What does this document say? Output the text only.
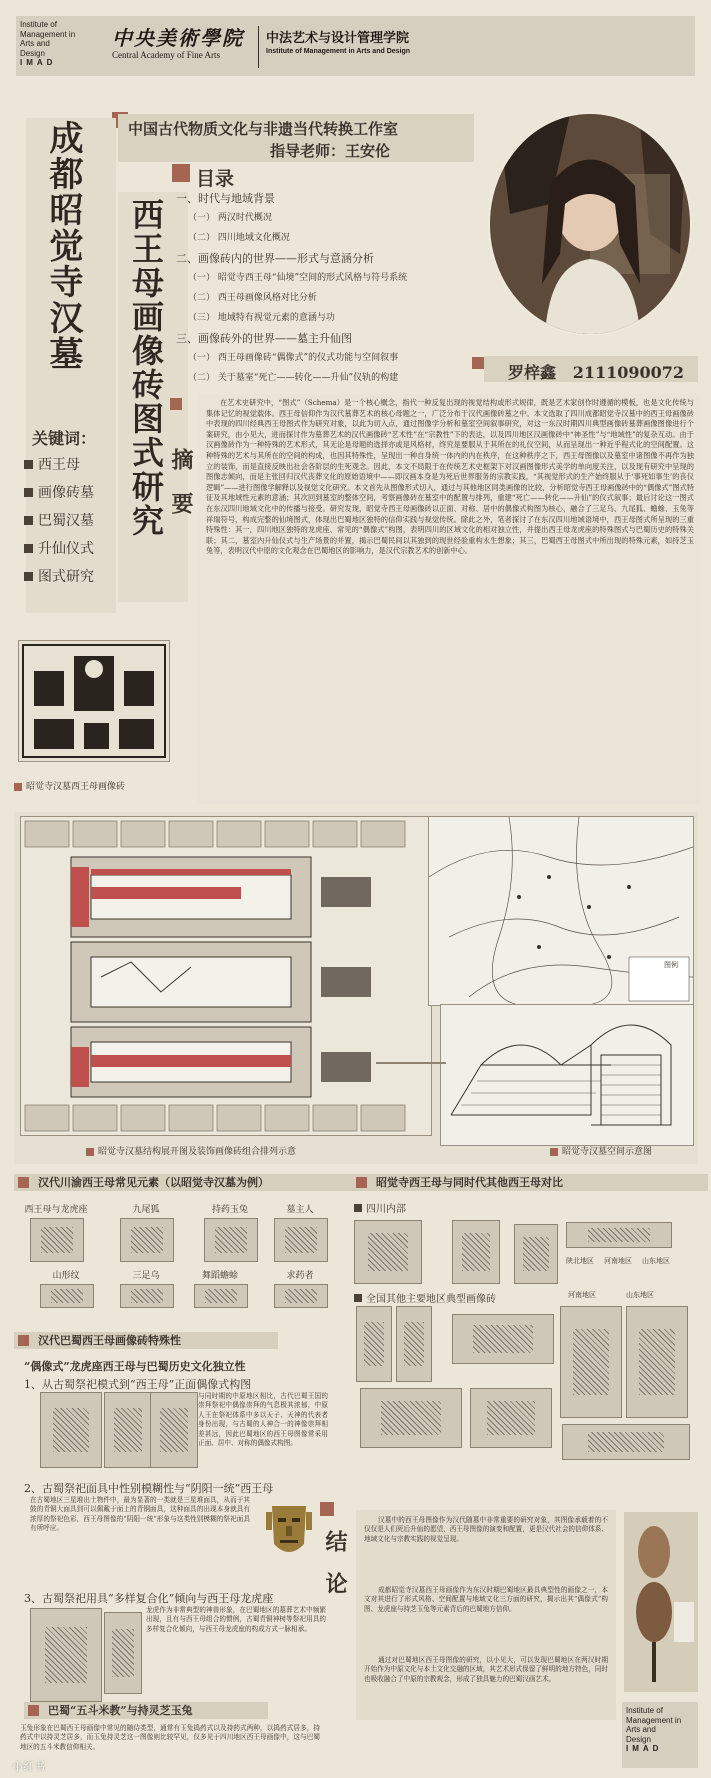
Institute of
Management in
Arts and
Design
IMAD
中央美術學院
Central Academy of Fine Arts
中法艺术与设计管理学院
Institute of Management in Arts and Design
成都昭觉寺汉墓 西王母画像砖图式研究
中国古代物质文化与非遗当代转换工作室
指导老师：王安伦
目录
一、时代与地域背景
（一） 两汉时代概况
（二） 四川地域文化概况
二、画像砖内的世界——形式与意涵分析
（一） 昭觉寺西王母“仙境”空间的形式风格与符号系统
（二） 西王母画像风格对比分析
（三） 地域特有视觉元素的意涵与功
三、画像砖外的世界——墓主升仙图
（一） 西王母画像砖“偶像式”的仪式功能与空间叙事
（二） 关于墓室“死亡——转化——升仙”仪轨的构建	罗梓鑫   2111090072
关键词：
西王母
画像砖墓
巴蜀汉墓
升仙仪式
图式研究
摘要
在艺术史研究中，“图式”（Schema）是一个核心概念，指代一种反复出现的视觉结构或形式规律，既是艺术家创作时遵循的模板，也是文化传统与集体记忆的视觉载体。西王母信仰作为汉代墓葬艺术的核心母题之一，广泛分布于汉代画像砖墓之中。本文选取了四川成都昭觉寺汉墓中的西王母画像砖中表现的四川经典西王母图式作为研究对象，以此为切入点，通过图像学分析和墓室空间叙事研究，对这一东汉时期四川典型画像砖墓葬画像图像进行个案研究，由小见大，进而探讨作为墓葬艺术的汉代画像砖“艺术性”在“宗教性”下的表达，以及四川地区汉画像砖中“神圣性”与“地域性”的复杂互动。由于汉画像砖作为一种特殊的艺术形式，其无论是母题的选择亦或是风格材，终究是要服从于其所在的礼仪空间，从而呈现出一种近乎程式化的空间配置。这种特殊的艺术与其所在的空间的构成，也因其特殊性，呈现出一种自身统一体内的内在秩序，在这种秩序之下，西王母图像以及墓室中诸图像不再作为独立的装饰，而是直接反映出社会各阶层的生死观念。因此，本文不局限于在传统艺术史框架下对汉画图像形式美学的单向度关注，以及现有研究中呈现的图像志倾向，而是主张回归汉代丧葬文化的原始语境中——即汉画本身是为死后世界服务的宗教实践，“其视觉形式的生产始终服从于‘事死如事生’的丧仪逻辑”——进行图像学解释以及视觉文化研究。本文首先从图像形式切入，通过与其他地区同类画像的比较，分析昭觉寺西王母画像砖中的“偶像式”图式特征及其地域性元素的意涵；其次回到墓室的整体空间，考察画像砖在墓室中的配置与排列，重建“死亡——转化——升仙”的仪式叙事；最后讨论这一图式在东汉四川地域文化中的传播与接受。研究发现，昭觉寺西王母画像砖以正面、对称、居中的偶像式构图为核心，融合了三足乌、九尾狐、蟾蜍、玉兔等祥瑞符号，构成完整的仙境图式，体现出巴蜀地区独特的信仰实践与视觉传统。除此之外，笔者探讨了在东汉四川地域语境中，西王母图式所呈现的三重特殊性：其一，四川地区独特的龙虎座、常见的“偶像式”构图，表明四川的区域文化的相对独立性，并提出西王母龙虎座的特殊图式与巴蜀历史的特殊关联；其二，墓室内升仙仪式与生产场景的并置，揭示巴蜀民间以其独到的现世经验重构永生想象；其三，巴蜀西王母图式中所出现的特殊元素，如持芝玉兔等，表明汉代中原的文化观念在巴蜀地区的影响力，是汉代宗教艺术的创新中心。
昭觉寺汉墓西王母画像砖
图例
昭觉寺汉墓结构展开图及装饰画像砖组合排列示意	昭觉寺汉墓空间示意图
汉代川渝西王母常见元素（以昭觉寺汉墓为例）
西王母与龙虎座	九尾狐	持药玉兔	墓主人
山形纹	三足乌	舞蹈蟾蜍	求药者
昭觉寺西王母与同时代其他西王母对比
四川内部
陕北地区 河南地区 山东地区
全国其他主要地区典型画像砖	河南地区	山东地区
汉代巴蜀西王母画像砖特殊性
“偶像式”龙虎座西王母与巴蜀历史文化独立性
1、从古蜀祭祀模式到“西王母”正面偶像式构图
与同时期的中原地区相比，古代巴蜀王国的崇拜祭祀中偶像崇拜的气息极其浓郁，中原人王在祭祀体系中多以天子、天神的代表者身份出现，与古蜀的人神合一的神像崇拜相差甚远，因此巴蜀地区的西王母图像常采用正面、居中、对称的偶像式构图。
2、古蜀祭祀面具中性别模糊性与“阴阳一统”西王母
在古蜀地区三星堆出土物件中，最为显著的一类就是三星堆面具，从而于其鼓的青铜大面具到可以佩戴于面上的青铜面具，这种面具的出现本身就具有浓厚的祭祀色彩，西王母图像的“阴阳一统”形象与这类性别模糊的祭祀面具有所呼应。
3、古蜀祭祀用具“多样复合化”倾向与西王母龙虎座
龙虎作为非常典型的神兽形象，在巴蜀地区的墓葬艺术中频繁出现，且有与西王母组合的惯例，古蜀青铜神树等祭祀用具的多样复合化倾向，与西王母龙虎座的构成方式一脉相承。
巴蜀“五斗米教”与持灵芝玉兔
玉兔形象在巴蜀西王母画像中常见的随侍类型，通常有玉兔捣药式以及持药式两种，以捣药式居多，持药式中以持灵芝居多，而玉兔持灵芝这一图像则比较罕见，仅多见于四川地区西王母画像中，这与巴蜀地区的五斗米教信仰相关。
结论
汉墓中的西王母图像作为汉代随墓中非常重要的研究对象，其图像承载着的不仅仅是人们死后升仙的愿望，西王母图像的演变和配置，更是汉代社会的信仰体系、地域文化与宗教实践的视觉呈现。
成都昭觉寺汉墓西王母画像作为东汉时期巴蜀地区最具典型性的画像之一，本文对其进行了形式风格、空间配置与地域文化三方面的研究，揭示出其“偶像式”构图、龙虎座与持芝玉兔等元素背后的巴蜀地方信仰。
通过对巴蜀地区西王母图像的研究，以小见大，可以发现巴蜀地区在两汉时期开始作为中原文化与本土文化交融的区域，其艺术形式保留了鲜明的地方特色，同时也吸收融合了中原的宗教观念，形成了独具魅力的巴蜀汉画艺术。
Institute of
Management in
Arts and
Design
IMAD
小红书
